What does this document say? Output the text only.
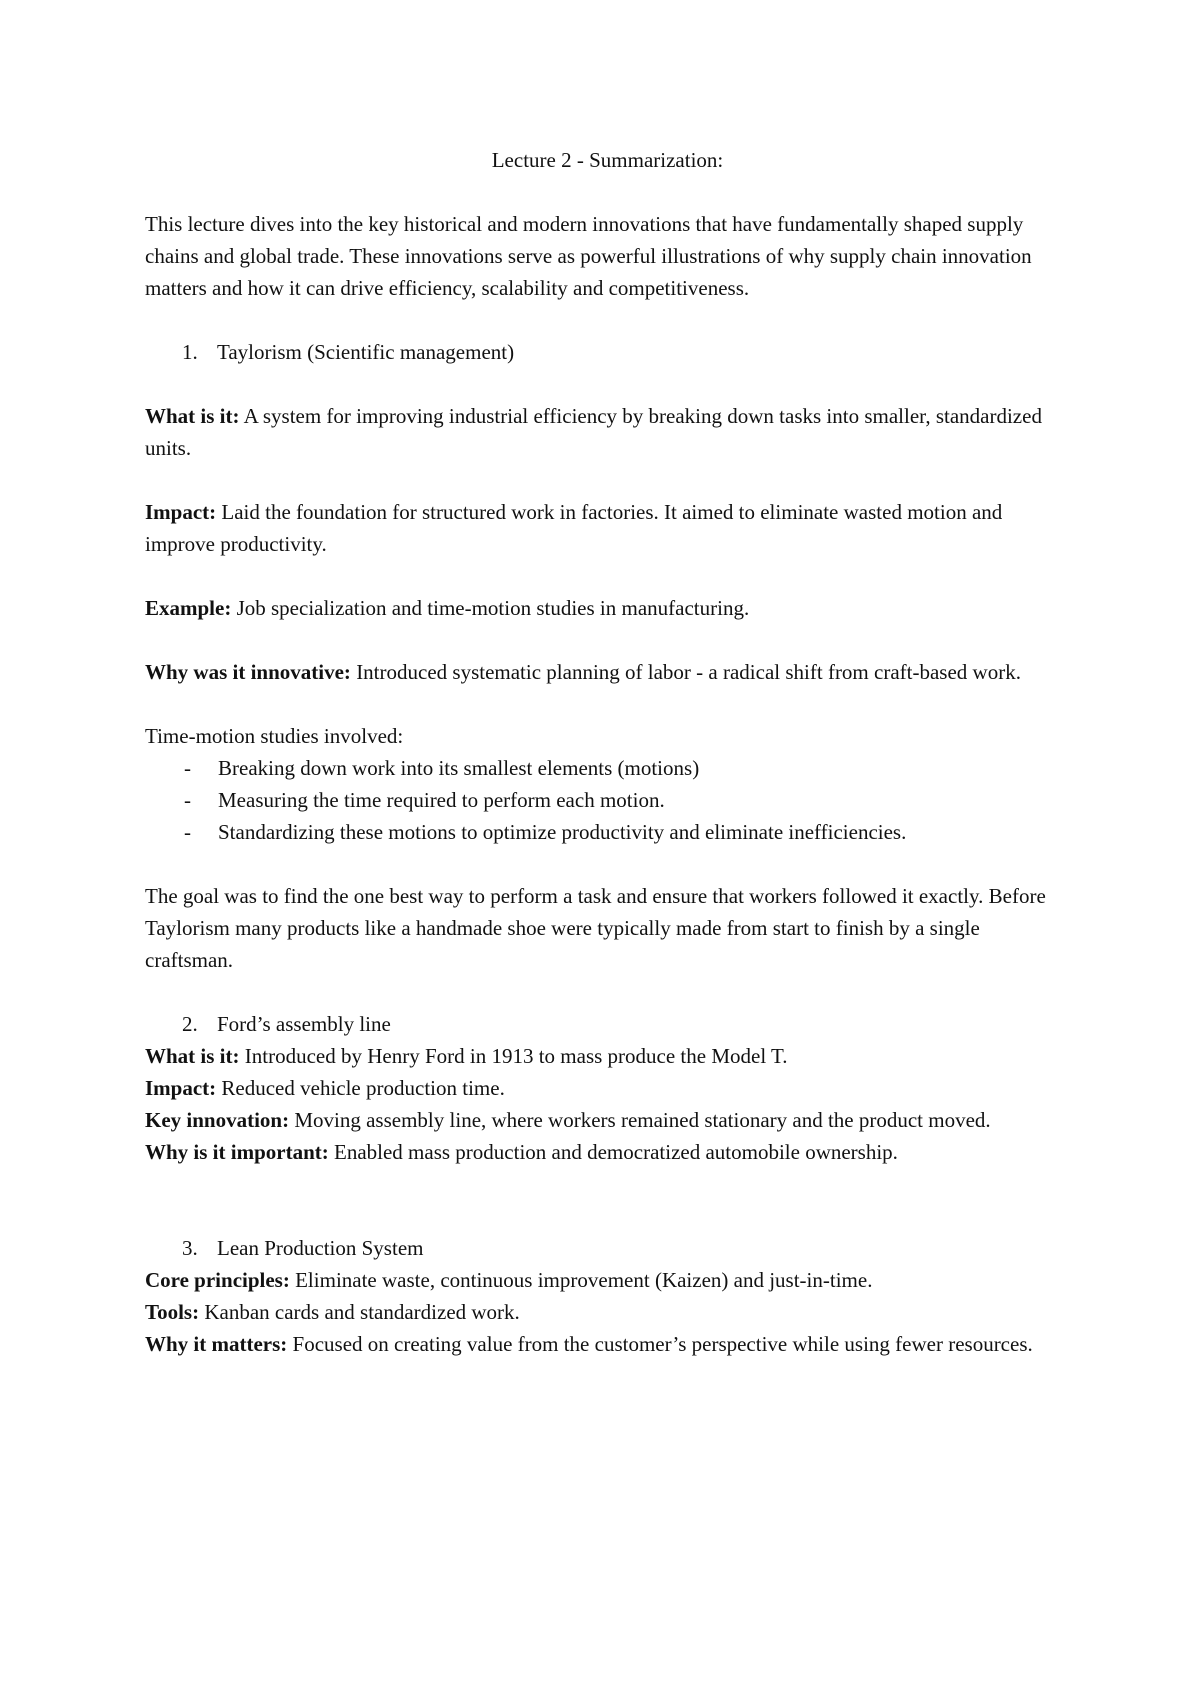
Lecture 2 - Summarization:

This lecture dives into the key historical and modern innovations that have fundamentally shaped supply chains and global trade. These innovations serve as powerful illustrations of why supply chain innovation matters and how it can drive efficiency, scalability and competitiveness.

1. Taylorism (Scientific management)

What is it: A system for improving industrial efficiency by breaking down tasks into smaller, standardized units.

Impact: Laid the foundation for structured work in factories. It aimed to eliminate wasted motion and improve productivity.

Example: Job specialization and time-motion studies in manufacturing.

Why was it innovative: Introduced systematic planning of labor - a radical shift from craft-based work.

Time-motion studies involved:

- Breaking down work into its smallest elements (motions)
- Measuring the time required to perform each motion.
- Standardizing these motions to optimize productivity and eliminate inefficiencies.

The goal was to find the one best way to perform a task and ensure that workers followed it exactly. Before Taylorism many products like a handmade shoe were typically made from start to finish by a single craftsman.

2. Ford’s assembly line

What is it: Introduced by Henry Ford in 1913 to mass produce the Model T.

Impact: Reduced vehicle production time.

Key innovation: Moving assembly line, where workers remained stationary and the product moved.

Why is it important: Enabled mass production and democratized automobile ownership.

3. Lean Production System

Core principles: Eliminate waste, continuous improvement (Kaizen) and just-in-time.

Tools: Kanban cards and standardized work.

Why it matters: Focused on creating value from the customer’s perspective while using fewer resources.
